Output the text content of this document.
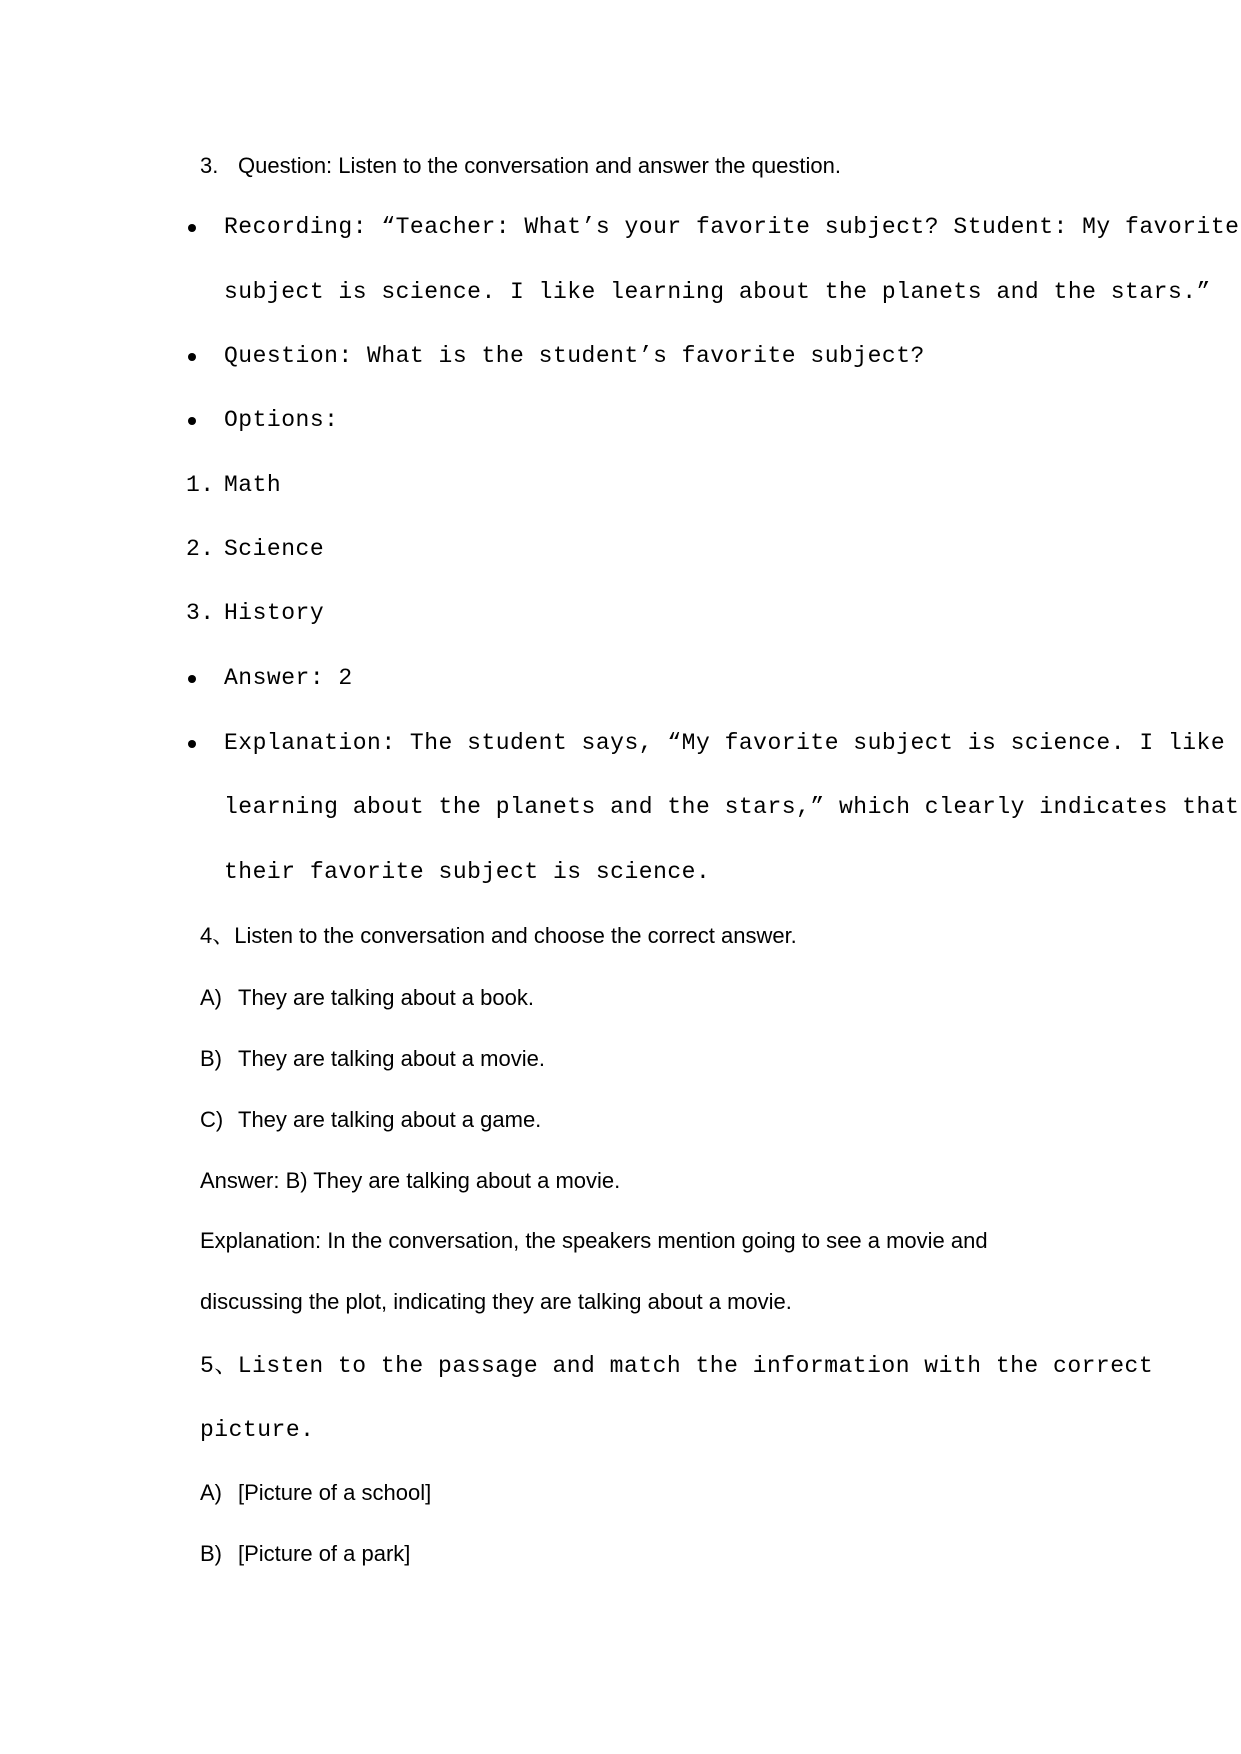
3. Question: Listen to the conversation and answer the question.
Recording: “Teacher: What’s your favorite subject? Student: My favorite
subject is science. I like learning about the planets and the stars.”
Question: What is the student’s favorite subject?
Options:
1. Math
2. Science
3. History
Answer: 2
Explanation: The student says, “My favorite subject is science. I like
learning about the planets and the stars,” which clearly indicates that
their favorite subject is science.
4、Listen to the conversation and choose the correct answer.
A) They are talking about a book.
B) They are talking about a movie.
C) They are talking about a game.
Answer: B) They are talking about a movie.
Explanation: In the conversation, the speakers mention going to see a movie and
discussing the plot, indicating they are talking about a movie.
5、Listen to the passage and match the information with the correct
picture.
A) [Picture of a school]
B) [Picture of a park]
